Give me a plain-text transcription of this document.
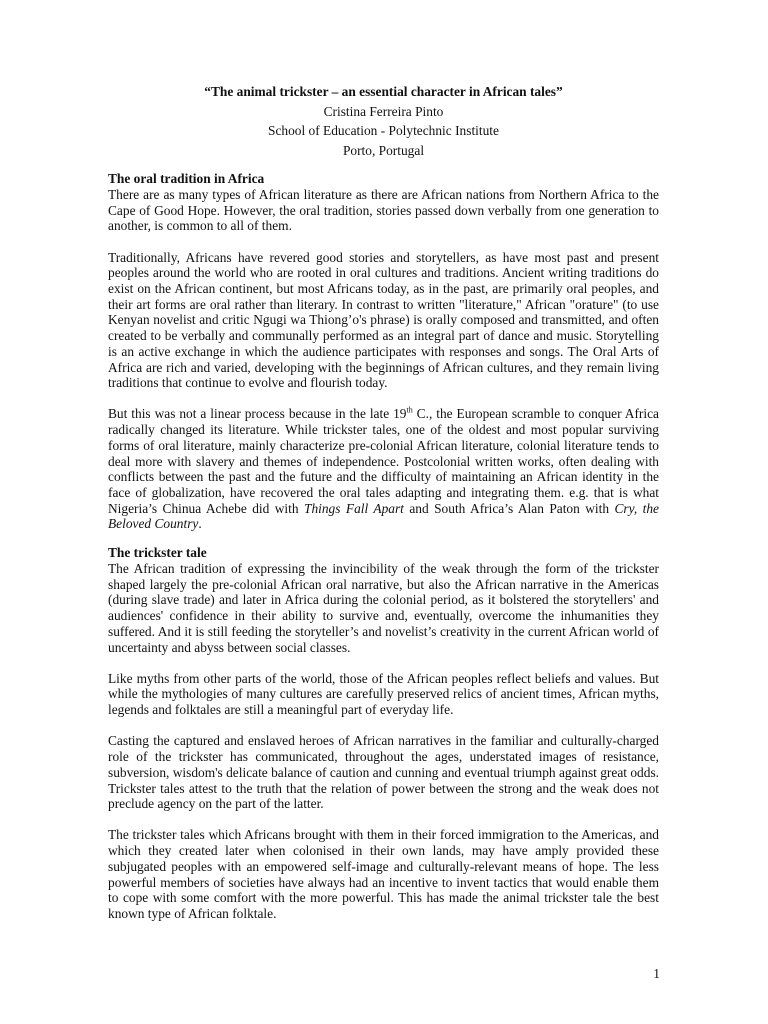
“The animal trickster – an essential character in African tales”
Cristina Ferreira Pinto
School of Education - Polytechnic Institute
Porto, Portugal
The oral tradition in Africa

There are as many types of African literature as there are African nations from Northern Africa to the Cape of Good Hope. However, the oral tradition, stories passed down verbally from one generation to another, is common to all of them.

Traditionally, Africans have revered good stories and storytellers, as have most past and present peoples around the world who are rooted in oral cultures and traditions. Ancient writing traditions do exist on the African continent, but most Africans today, as in the past, are primarily oral peoples, and their art forms are oral rather than literary. In contrast to written "literature," African "orature" (to use Kenyan novelist and critic Ngugi wa Thiong’o's phrase) is orally composed and transmitted, and often created to be verbally and communally performed as an integral part of dance and music. Storytelling is an active exchange in which the audience participates with responses and songs. The Oral Arts of Africa are rich and varied, developing with the beginnings of African cultures, and they remain living traditions that continue to evolve and flourish today.

But this was not a linear process because in the late 19th C., the European scramble to conquer Africa radically changed its literature. While trickster tales, one of the oldest and most popular surviving forms of oral literature, mainly characterize pre-colonial African literature, colonial literature tends to deal more with slavery and themes of independence. Postcolonial written works, often dealing with conflicts between the past and the future and the difficulty of maintaining an African identity in the face of globalization, have recovered the oral tales adapting and integrating them. e.g. that is what Nigeria’s Chinua Achebe did with Things Fall Apart and South Africa’s Alan Paton with Cry, the Beloved Country.

The trickster tale

The African tradition of expressing the invincibility of the weak through the form of the trickster shaped largely the pre-colonial African oral narrative, but also the African narrative in the Americas (during slave trade) and later in Africa during the colonial period, as it bolstered the storytellers' and audiences' confidence in their ability to survive and, eventually, overcome the inhumanities they suffered. And it is still feeding the storyteller’s and novelist’s creativity in the current African world of uncertainty and abyss between social classes.

Like myths from other parts of the world, those of the African peoples reflect beliefs and values. But while the mythologies of many cultures are carefully preserved relics of ancient times, African myths, legends and folktales are still a meaningful part of everyday life.

Casting the captured and enslaved heroes of African narratives in the familiar and culturally-charged role of the trickster has communicated, throughout the ages, understated images of resistance, subversion, wisdom's delicate balance of caution and cunning and eventual triumph against great odds. Trickster tales attest to the truth that the relation of power between the strong and the weak does not preclude agency on the part of the latter.

The trickster tales which Africans brought with them in their forced immigration to the Americas, and which they created later when colonised in their own lands, may have amply provided these subjugated peoples with an empowered self-image and culturally-relevant means of hope. The less powerful members of societies have always had an incentive to invent tactics that would enable them to cope with some comfort with the more powerful. This has made the animal trickster tale the best known type of African folktale.

1
